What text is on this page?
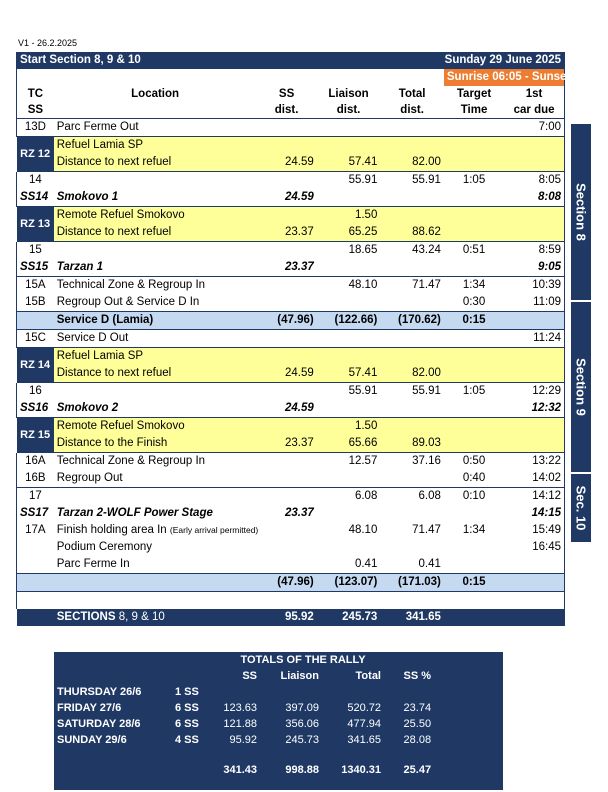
V1 - 26.2.2025
Start Section 8, 9 & 10				Sunday 29 June 2025		
					Sunrise 06:05 - Sunset 20:51	
TC	Location	SS	Liaison	Total	Target	1st
SS		dist.	dist.	dist.	Time	car due
13D	Parc Ferme Out					7:00
RZ 12	Refuel Lamia SP					
	Distance to next refuel	24.59	57.41	82.00		
14			55.91	55.91	1:05	8:05
SS14	Smokovo 1	24.59				8:08
RZ 13	Remote Refuel Smokovo		1.50			
	Distance to next refuel	23.37	65.25	88.62		
15			18.65	43.24	0:51	8:59
SS15	Tarzan 1	23.37				9:05
15A	Technical Zone & Regroup In		48.10	71.47	1:34	10:39
15B	Regroup Out & Service D In				0:30	11:09
	Service D (Lamia)	(47.96)	(122.66)	(170.62)	0:15	
15C	Service D Out					11:24
RZ 14	Refuel Lamia SP					
	Distance to next refuel	24.59	57.41	82.00		
16			55.91	55.91	1:05	12:29
SS16	Smokovo 2	24.59				12:32
RZ 15	Remote Refuel Smokovo		1.50			
	Distance to the Finish	23.37	65.66	89.03		
16A	Technical Zone & Regroup In		12.57	37.16	0:50	13:22
16B	Regroup Out				0:40	14:02
17			6.08	6.08	0:10	14:12
SS17	Tarzan 2-WOLF Power Stage	23.37				14:15
17A	Finish holding area In (Early arrival permitted)		48.10	71.47	1:34	15:49
	Podium Ceremony					16:45
	Parc Ferme In		0.41	0.41		
		(47.96)	(123.07)	(171.03)	0:15	

	SECTIONS 8, 9 & 10	95.92	245.73	341.65		
Section 8
Section 9
Sec. 10
	TOTALS OF THE RALLY					
		SS	Liaison	Total	SS %	
THURSDAY 26/6	1 SS					
FRIDAY 27/6	6 SS	123.63	397.09	520.72	23.74	
SATURDAY 28/6	6 SS	121.88	356.06	477.94	25.50	
SUNDAY 29/6	4 SS	95.92	245.73	341.65	28.08	

		341.43	998.88	1340.31	25.47	
